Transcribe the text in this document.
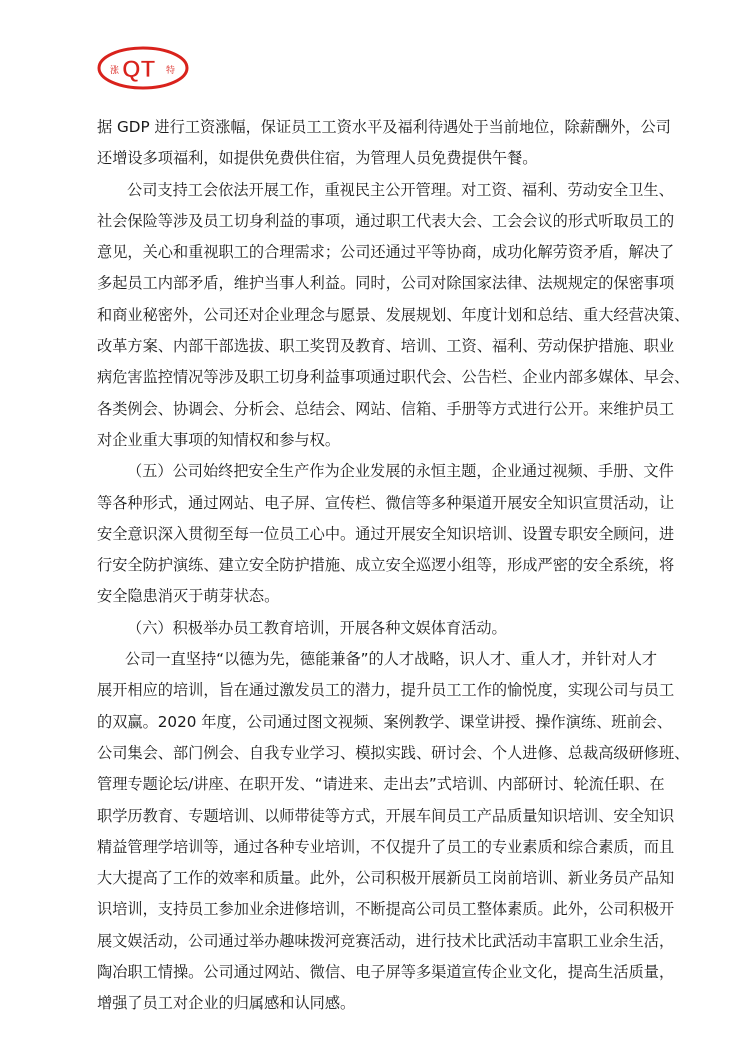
涨 QT 特
据 GDP 进行工资涨幅，保证员工工资水平及福利待遇处于当前地位，除薪酬外，公司
还增设多项福利，如提供免费供住宿，为管理人员免费提供午餐。
公司支持工会依法开展工作，重视民主公开管理。对工资、福利、劳动安全卫生、
社会保险等涉及员工切身利益的事项，通过职工代表大会、工会会议的形式听取员工的
意见，关心和重视职工的合理需求；公司还通过平等协商，成功化解劳资矛盾，解决了
多起员工内部矛盾，维护当事人利益。同时，公司对除国家法律、法规规定的保密事项
和商业秘密外，公司还对企业理念与愿景、发展规划、年度计划和总结、重大经营决策、
改革方案、内部干部选拔、职工奖罚及教育、培训、工资、福利、劳动保护措施、职业
病危害监控情况等涉及职工切身利益事项通过职代会、公告栏、企业内部多媒体、早会、
各类例会、协调会、分析会、总结会、网站、信箱、手册等方式进行公开。来维护员工
对企业重大事项的知情权和参与权。
（五）公司始终把安全生产作为企业发展的永恒主题，企业通过视频、手册、文件
等各种形式，通过网站、电子屏、宣传栏、微信等多种渠道开展安全知识宣贯活动，让
安全意识深入贯彻至每一位员工心中。通过开展安全知识培训、设置专职安全顾问，进
行安全防护演练、建立安全防护措施、成立安全巡逻小组等，形成严密的安全系统，将
安全隐患消灭于萌芽状态。
（六）积极举办员工教育培训，开展各种文娱体育活动。
公司一直坚持“以德为先，德能兼备”的人才战略，识人才、重人才，并针对人才
展开相应的培训，旨在通过激发员工的潜力，提升员工工作的愉悦度，实现公司与员工
的双赢。2020 年度，公司通过图文视频、案例教学、课堂讲授、操作演练、班前会、
公司集会、部门例会、自我专业学习、模拟实践、研讨会、个人进修、总裁高级研修班、
管理专题论坛/讲座、在职开发、“请进来、走出去”式培训、内部研讨、轮流任职、在
职学历教育、专题培训、以师带徒等方式，开展车间员工产品质量知识培训、安全知识
精益管理学培训等，通过各种专业培训，不仅提升了员工的专业素质和综合素质，而且
大大提高了工作的效率和质量。此外，公司积极开展新员工岗前培训、新业务员产品知
识培训，支持员工参加业余进修培训，不断提高公司员工整体素质。此外，公司积极开
展文娱活动，公司通过举办趣味拨河竞赛活动，进行技术比武活动丰富职工业余生活，
陶冶职工情操。公司通过网站、微信、电子屏等多渠道宣传企业文化，提高生活质量，
增强了员工对企业的归属感和认同感。
